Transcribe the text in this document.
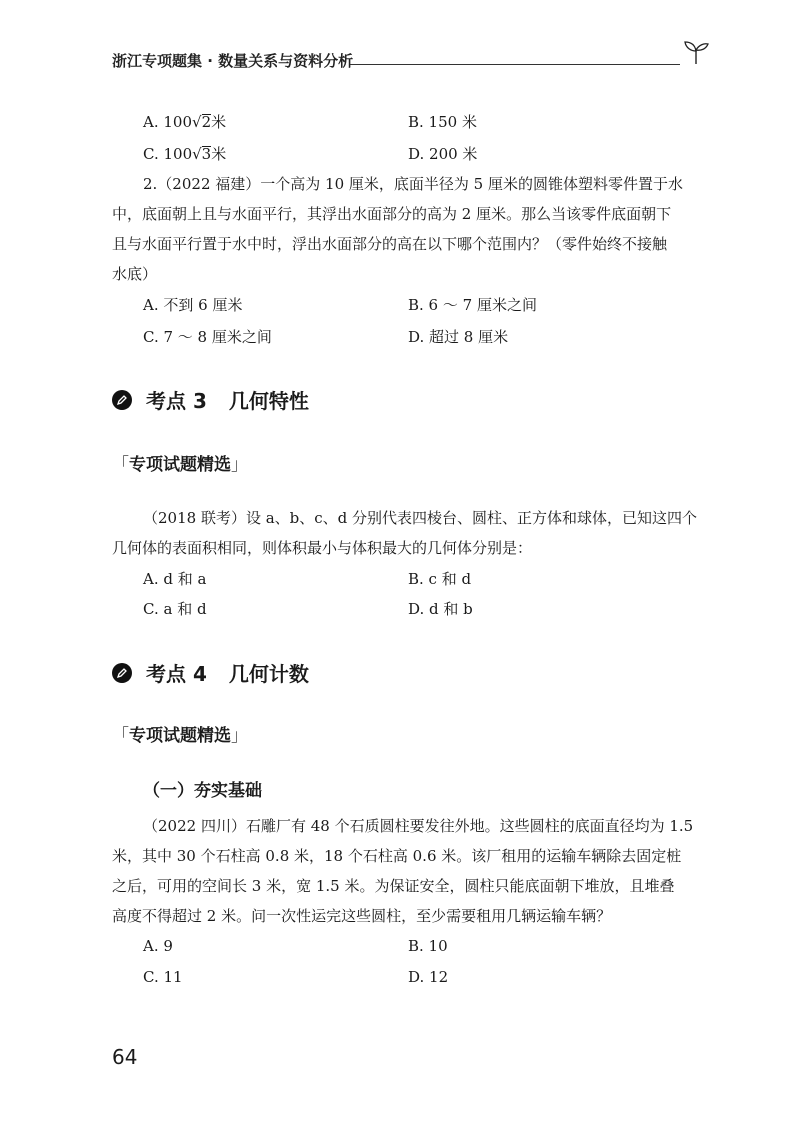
浙江专项题集 · 数量关系与资料分析
A. 100√2米	B. 150 米
C. 100√3米	D. 200 米
2.（2022 福建）一个高为 10 厘米，底面半径为 5 厘米的圆锥体塑料零件置于水
中，底面朝上且与水面平行，其浮出水面部分的高为 2 厘米。那么当该零件底面朝下
且与水面平行置于水中时，浮出水面部分的高在以下哪个范围内？（零件始终不接触
水底）
A. 不到 6 厘米	B. 6 ～ 7 厘米之间
C. 7 ～ 8 厘米之间	D. 超过 8 厘米
考点 3 几何特性
「专项试题精选」
（2018 联考）设 a、b、c、d 分别代表四棱台、圆柱、正方体和球体，已知这四个
几何体的表面积相同，则体积最小与体积最大的几何体分别是：
A. d 和 a	B. c 和 d
C. a 和 d	D. d 和 b
考点 4 几何计数
「专项试题精选」
（一）夯实基础
（2022 四川）石雕厂有 48 个石质圆柱要发往外地。这些圆柱的底面直径均为 1.5
米，其中 30 个石柱高 0.8 米，18 个石柱高 0.6 米。该厂租用的运输车辆除去固定桩
之后，可用的空间长 3 米，宽 1.5 米。为保证安全，圆柱只能底面朝下堆放，且堆叠
高度不得超过 2 米。问一次性运完这些圆柱，至少需要租用几辆运输车辆？
A. 9	B. 10
C. 11	D. 12
64
